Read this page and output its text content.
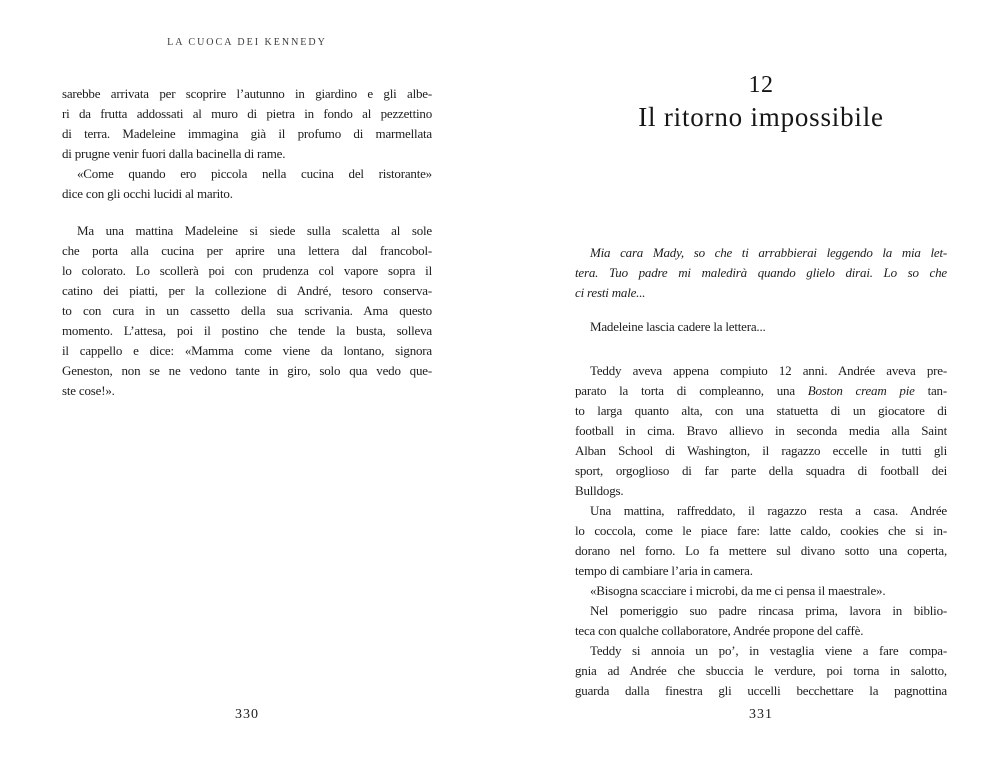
LA CUOCA DEI KENNEDY
sarebbe arrivata per scoprire l’autunno in giardino e gli albe-
ri da frutta addossati al muro di pietra in fondo al pezzettino
di terra. Madeleine immagina già il profumo di marmellata
di prugne venir fuori dalla bacinella di rame.
«Come quando ero piccola nella cucina del ristorante»
dice con gli occhi lucidi al marito.
Ma una mattina Madeleine si siede sulla scaletta al sole
che porta alla cucina per aprire una lettera dal francobol-
lo colorato. Lo scollerà poi con prudenza col vapore sopra il
catino dei piatti, per la collezione di André, tesoro conserva-
to con cura in un cassetto della sua scrivania. Ama questo
momento. L’attesa, poi il postino che tende la busta, solleva
il cappello e dice: «Mamma come viene da lontano, signora
Geneston, non se ne vedono tante in giro, solo qua vedo que-
ste cose!».
330
12
Il ritorno impossibile
Mia cara Mady, so che ti arrabbierai leggendo la mia let-
tera. Tuo padre mi maledirà quando glielo dirai. Lo so che
ci resti male...
Madeleine lascia cadere la lettera...
Teddy aveva appena compiuto 12 anni. Andrée aveva pre-
parato la torta di compleanno, una Boston cream pie tan-
to larga quanto alta, con una statuetta di un giocatore di
football in cima. Bravo allievo in seconda media alla Saint
Alban School di Washington, il ragazzo eccelle in tutti gli
sport, orgoglioso di far parte della squadra di football dei
Bulldogs.
Una mattina, raffreddato, il ragazzo resta a casa. Andrée
lo coccola, come le piace fare: latte caldo, cookies che si in-
dorano nel forno. Lo fa mettere sul divano sotto una coperta,
tempo di cambiare l’aria in camera.
«Bisogna scacciare i microbi, da me ci pensa il maestrale».
Nel pomeriggio suo padre rincasa prima, lavora in biblio-
teca con qualche collaboratore, Andrée propone del caffè.
Teddy si annoia un po’, in vestaglia viene a fare compa-
gnia ad Andrée che sbuccia le verdure, poi torna in salotto,
guarda dalla finestra gli uccelli becchettare la pagnottina
331
